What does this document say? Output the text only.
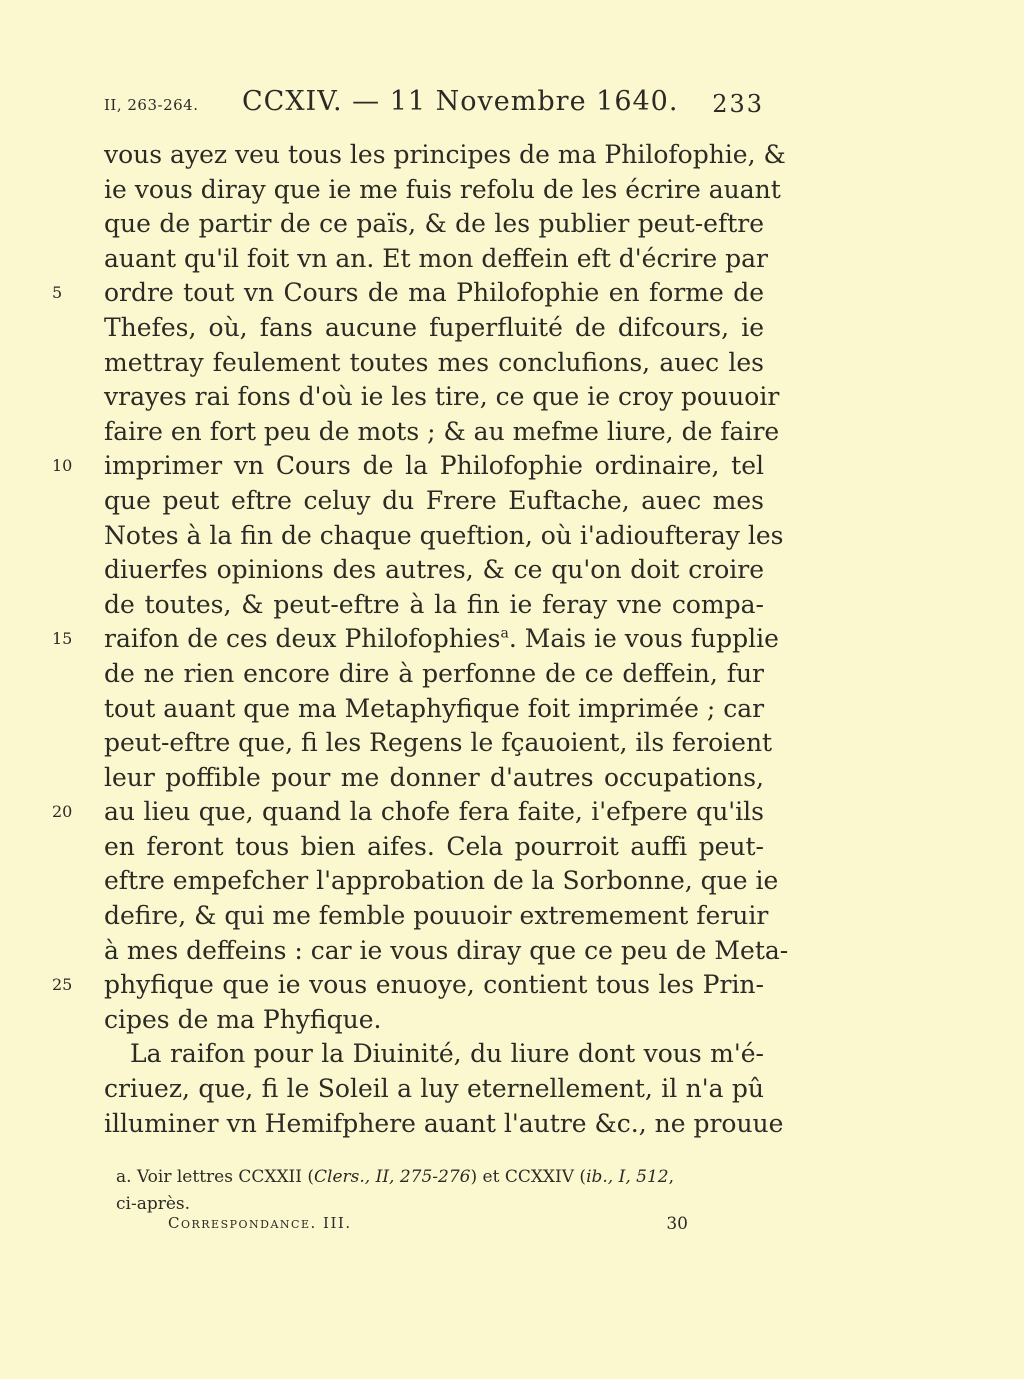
II, 263-264. CCXIV. — 11 Novembre 1640. 233
vous ayez veu tous les principes de ma Philofophie, &
ie vous diray que ie me fuis refolu de les écrire auant
que de partir de ce païs, & de les publier peut-eftre
auant qu'il foit vn an. Et mon deffein eft d'écrire par
5	ordre tout vn Cours de ma Philofophie en forme de
Thefes, où, fans aucune fuperfluité de difcours, ie
mettray feulement toutes mes conclufions, auec les
vrayes rai fons d'où ie les tire, ce que ie croy pouuoir
faire en fort peu de mots ; & au mefme liure, de faire
10 imprimer vn Cours de la Philofophie ordinaire, tel
que peut eftre celuy du Frere Euftache, auec mes
Notes à la fin de chaque queftion, où i'adioufteray les
diuerfes opinions des autres, & ce qu'on doit croire
de toutes, & peut-eftre à la fin ie feray vne compa-
15 raifon de ces deux Philofophies$^a$. Mais ie vous fupplie
de ne rien encore dire à perfonne de ce deffein, fur
tout auant que ma Metaphyfique foit imprimée ; car
peut-eftre que, fi les Regens le fçauoient, ils feroient
leur poffible pour me donner d'autres occupations,
20 au lieu que, quand la chofe fera faite, i'efpere qu'ils
en feront tous bien aifes. Cela pourroit auffi peut-
eftre empefcher l'approbation de la Sorbonne, que ie
defire, & qui me femble pouuoir extremement feruir
à mes deffeins : car ie vous diray que ce peu de Meta-
25 phyfique que ie vous enuoye, contient tous les Prin-
cipes de ma Phyfique.
La raifon pour la Diuinité, du liure dont vous m'é-
criuez, que, fi le Soleil a luy eternellement, il n'a pû
illuminer vn Hemifphere auant l'autre &c., ne prouue
a. Voir lettres CCXXII (Clers., II, 275-276) et CCXXIV (ib., I, 512,
ci-après.
Correspondance. III.	30
